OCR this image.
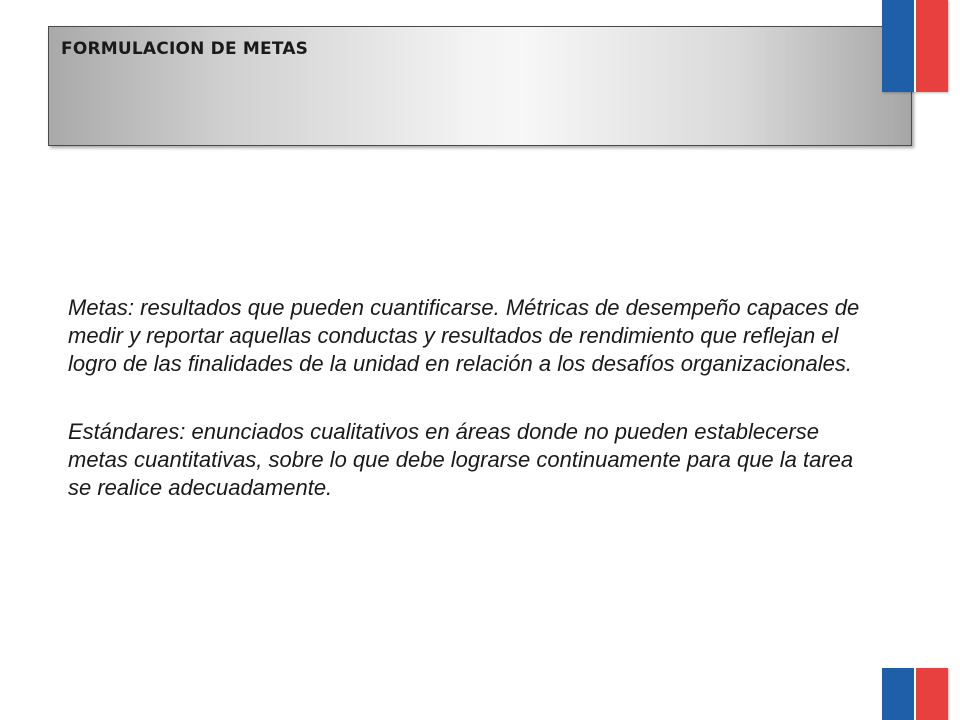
FORMULACION DE METAS

Metas: resultados que pueden cuantificarse. Métricas de desempeño capaces de medir y reportar aquellas conductas y resultados de rendimiento que reflejan el logro de las finalidades de la unidad en relación a los desafíos organizacionales.

Estándares: enunciados cualitativos en áreas donde no pueden establecerse metas cuantitativas, sobre lo que debe lograrse continuamente para que la tarea se realice adecuadamente.
